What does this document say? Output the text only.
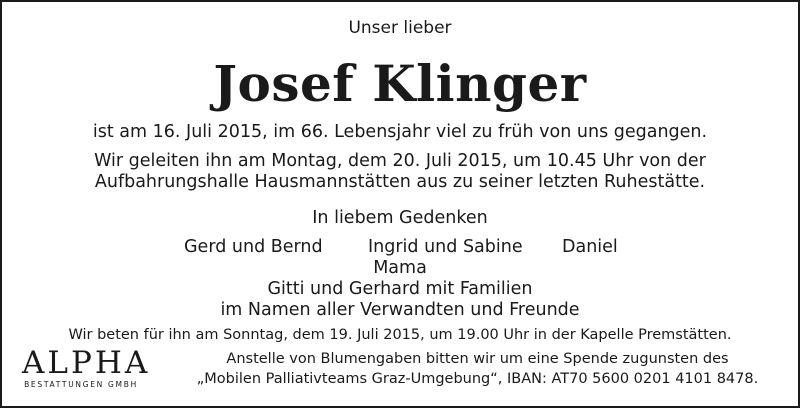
Unser lieber
Josef Klinger
ist am 16. Juli 2015, im 66. Lebensjahr viel zu früh von uns gegangen.
Wir geleiten ihn am Montag, dem 20. Juli 2015, um 10.45 Uhr von der
Aufbahrungshalle Hausmannstätten aus zu seiner letzten Ruhestätte.
In liebem Gedenken
Gerd und Bernd	Ingrid und Sabine Daniel
Mama
Gitti und Gerhard mit Familien
im Namen aller Verwandten und Freunde
Wir beten für ihn am Sonntag, dem 19. Juli 2015, um 19.00 Uhr in der Kapelle Premstätten.
Anstelle von Blumengaben bitten wir um eine Spende zugunsten des
„Mobilen Palliativteams Graz-Umgebung“, IBAN: AT70 5600 0201 4101 8478.
ALPHA
BESTATTUNGEN GMBH
